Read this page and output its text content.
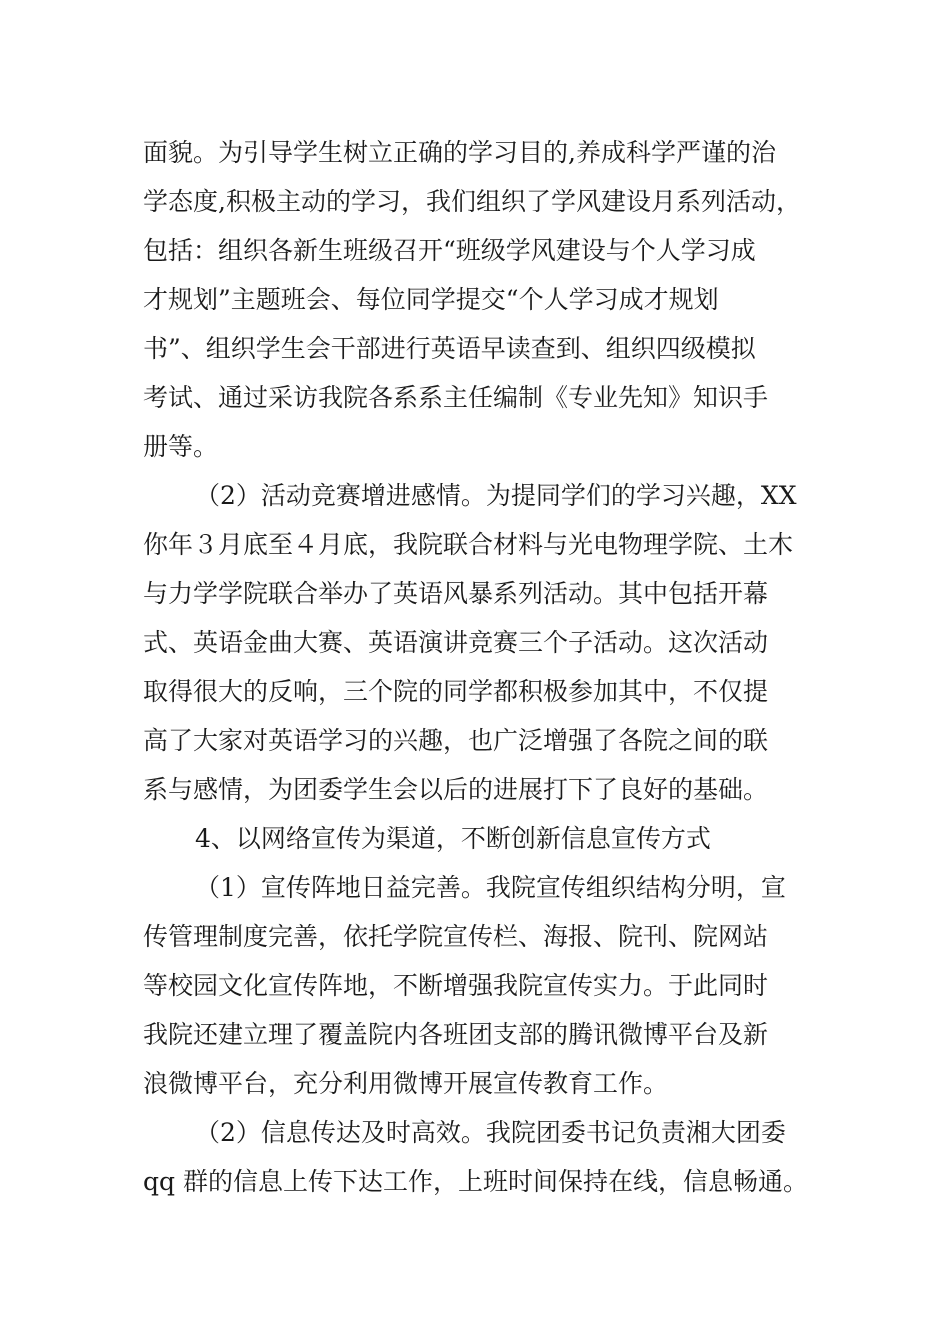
面貌。为引导学生树立正确的学习目的,养成科学严谨的治
学态度,积极主动的学习，我们组织了学风建设月系列活动，
包括：组织各新生班级召开“班级学风建设与个人学习成
才规划”主题班会、每位同学提交“个人学习成才规划
书”、组织学生会干部进行英语早读查到、组织四级模拟
考试、通过采访我院各系系主任编制《专业先知》知识手
册等。
（2）活动竞赛增进感情。为提同学们的学习兴趣，XX
你年３月底至４月底，我院联合材料与光电物理学院、土木
与力学学院联合举办了英语风暴系列活动。其中包括开幕
式、英语金曲大赛、英语演讲竞赛三个子活动。这次活动
取得很大的反响，三个院的同学都积极参加其中，不仅提
高了大家对英语学习的兴趣，也广泛增强了各院之间的联
系与感情，为团委学生会以后的进展打下了良好的基础。
4、以网络宣传为渠道，不断创新信息宣传方式
（1）宣传阵地日益完善。我院宣传组织结构分明，宣
传管理制度完善，依托学院宣传栏、海报、院刊、院网站
等校园文化宣传阵地，不断增强我院宣传实力。于此同时
我院还建立理了覆盖院内各班团支部的腾讯微博平台及新
浪微博平台，充分利用微博开展宣传教育工作。
（2）信息传达及时高效。我院团委书记负责湘大团委
qq 群的信息上传下达工作，上班时间保持在线，信息畅通。
